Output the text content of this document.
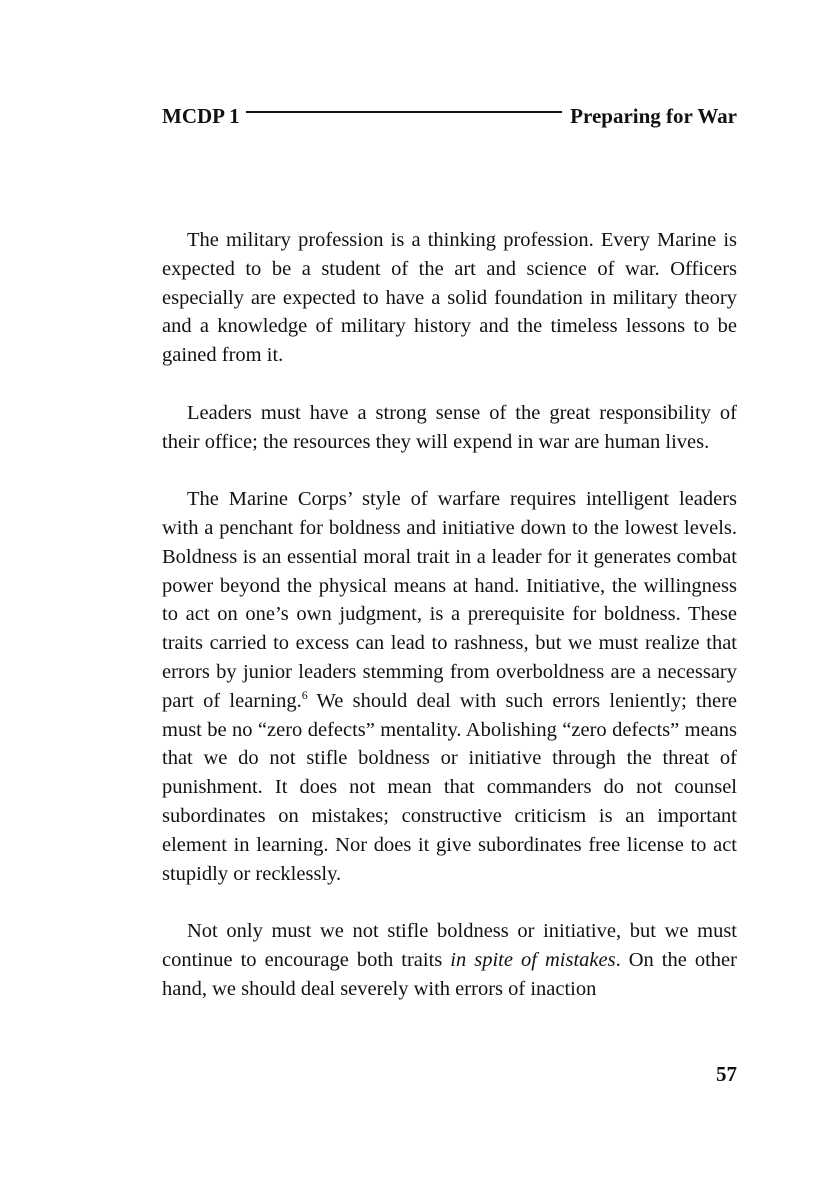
MCDP 1	Preparing for War

The military profession is a thinking profession. Every Marine is expected to be a student of the art and science of war. Officers especially are expected to have a solid foundation in military theory and a knowledge of military history and the timeless lessons to be gained from it.

Leaders must have a strong sense of the great responsibility of their office; the resources they will expend in war are human lives.

The Marine Corps’ style of warfare requires intelligent leaders with a penchant for boldness and initiative down to the lowest levels. Boldness is an essential moral trait in a leader for it generates combat power beyond the physical means at hand. Initiative, the willingness to act on one’s own judgment, is a prerequisite for boldness. These traits carried to excess can lead to rashness, but we must realize that errors by junior leaders stemming from overboldness are a necessary part of learning.$^6$ We should deal with such errors leniently; there must be no “zero defects” mentality. Abolishing “zero defects” means that we do not stifle boldness or initiative through the threat of punishment. It does not mean that commanders do not counsel subordinates on mistakes; constructive criticism is an important element in learning. Nor does it give subordinates free license to act stupidly or recklessly.

Not only must we not stifle boldness or initiative, but we must continue to encourage both traits in spite of mistakes. On the other hand, we should deal severely with errors of inaction

57
